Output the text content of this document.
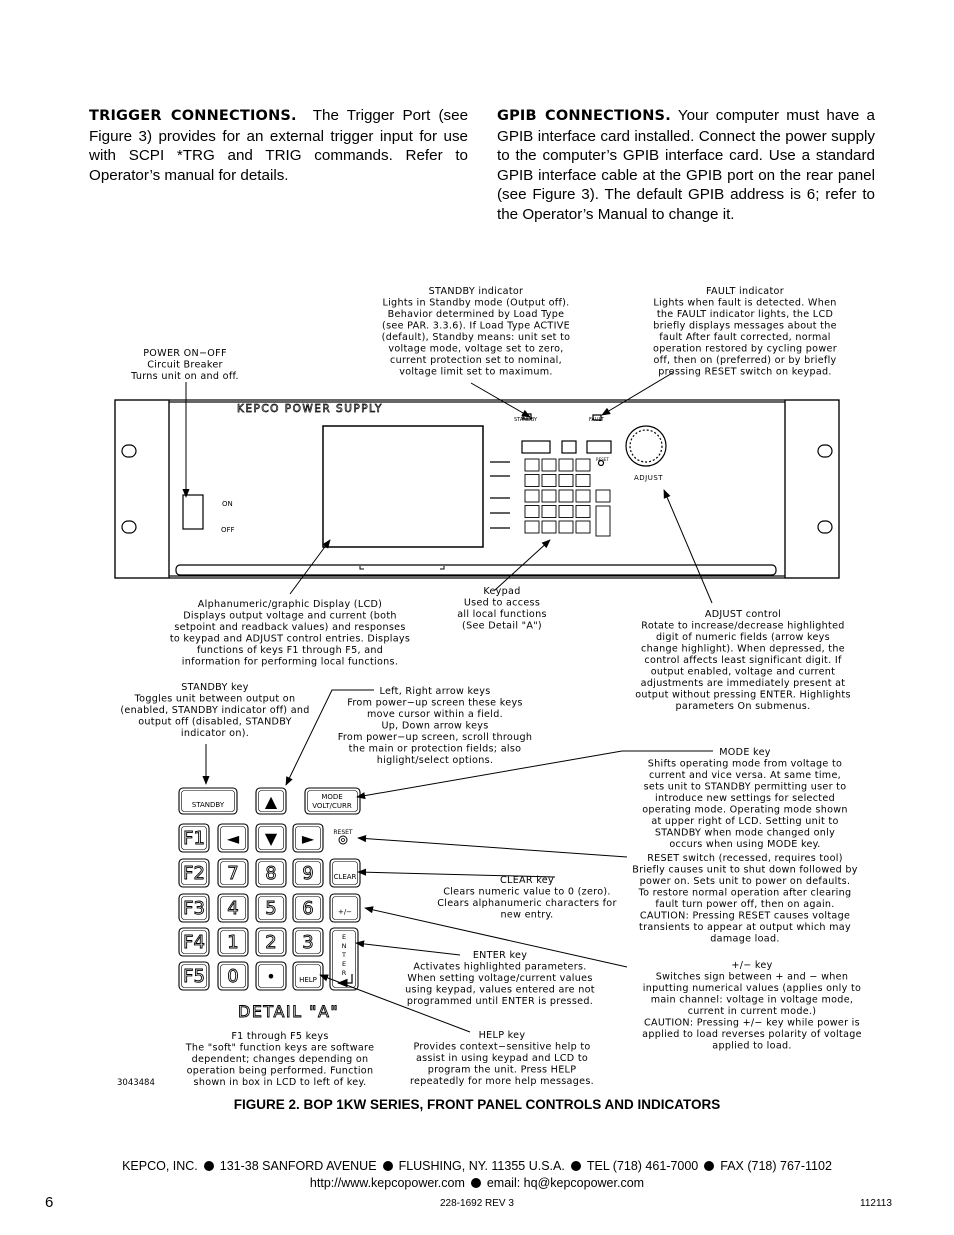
TRIGGER CONNECTIONS. The Trigger Port (see Figure 3) provides for an external trigger input for use with SCPI *TRG and TRIG commands. Refer to Operator’s manual for details.
GPIB CONNECTIONS. Your computer must have a GPIB interface card installed. Connect the power supply to the computer’s GPIB interface card. Use a standard GPIB interface cable at the GPIB port on the rear panel (see Figure 3). The default GPIB address is 6; refer to the Operator’s Manual to change it.
KEPCO POWER SUPPLY
ON
OFF
STANDBY	FAULT
RESET
ADJUST
POWER ON−OFF Circuit Breaker Turns unit on and off.
STANDBY indicator Lights in Standby mode (Output off). Behavior determined by Load Type (see PAR. 3.3.6). If Load Type ACTIVE (default), Standby means: unit set to voltage mode, voltage set to zero, current protection set to nominal, voltage limit set to maximum.
FAULT indicator Lights when fault is detected. When the FAULT indicator lights, the LCD briefly displays messages about the fault After fault corrected, normal operation restored by cycling power off, then on (preferred) or by briefly pressing RESET switch on keypad.
Alphanumeric/graphic Display (LCD) Displays output voltage and current (both setpoint and readback values) and responses to keypad and ADJUST control entries. Displays functions of keys F1 through F5, and information for performing local functions.
Keypad Used to access all local functions (See Detail "A")
ADJUST control Rotate to increase/decrease highlighted digit of numeric fields (arrow keys change highlight). When depressed, the control affects least significant digit. If output enabled, voltage and current adjustments are immediately present at output without pressing ENTER. Highlights parameters On submenus.
STANDBY key Toggles unit between output on (enabled, STANDBY indicator off) and output off (disabled, STANDBY indicator on).
Left, Right arrow keys From power−up screen these keys move cursor within a field. Up, Down arrow keys From power−up screen, scroll through the main or protection fields; also higlight/select options.
MODE key Shifts operating mode from voltage to current and vice versa. At same time, sets unit to STANDBY permitting user to introduce new settings for selected operating mode. Operating mode shown at upper right of LCD. Setting unit to STANDBY when mode changed only occurs when using MODE key.
RESET switch (recessed, requires tool) Briefly causes unit to shut down followed by power on. Sets unit to power on defaults. To restore normal operation after clearing fault turn power off, then on again. CAUTION: Pressing RESET causes voltage transients to appear at output which may damage load.
CLEAR key Clears numeric value to 0 (zero). Clears alphanumeric characters for new entry.
ENTER key Activates highlighted parameters. When setting voltage/current values using keypad, values entered are not programmed until ENTER is pressed.
+/− key Switches sign between + and − when inputting numerical values (applies only to main channel: voltage in voltage mode, current in current mode.) CAUTION: Pressing +/− key while power is applied to load reverses polarity of voltage applied to load.
F1 through F5 keys The "soft" function keys are software dependent; changes depending on operation being performed. Function shown in box in LCD to left of key.
HELP key Provides context−sensitive help to assist in using keypad and LCD to program the unit. Press HELP repeatedly for more help messages.
STANDBY	▲	MODE
VOLT/CURR
F1 ◄ ▼ ►
F2 7 8 9
F3 4 5 6
F4 1 2 3
F5 0 •	HELP
CLEAR
+/−
E
N
T
E
R
RESET
DETAIL "A"
3043484
FIGURE 2. BOP 1KW SERIES, FRONT PANEL CONTROLS AND INDICATORS
KEPCO, INC. 131-38 SANFORD AVENUE FLUSHING, NY. 11355 U.S.A. TEL (718) 461-7000 FAX (718) 767-1102
http://www.kepcopower.com email: hq@kepcopower.com
6	228-1692 REV 3	112113
